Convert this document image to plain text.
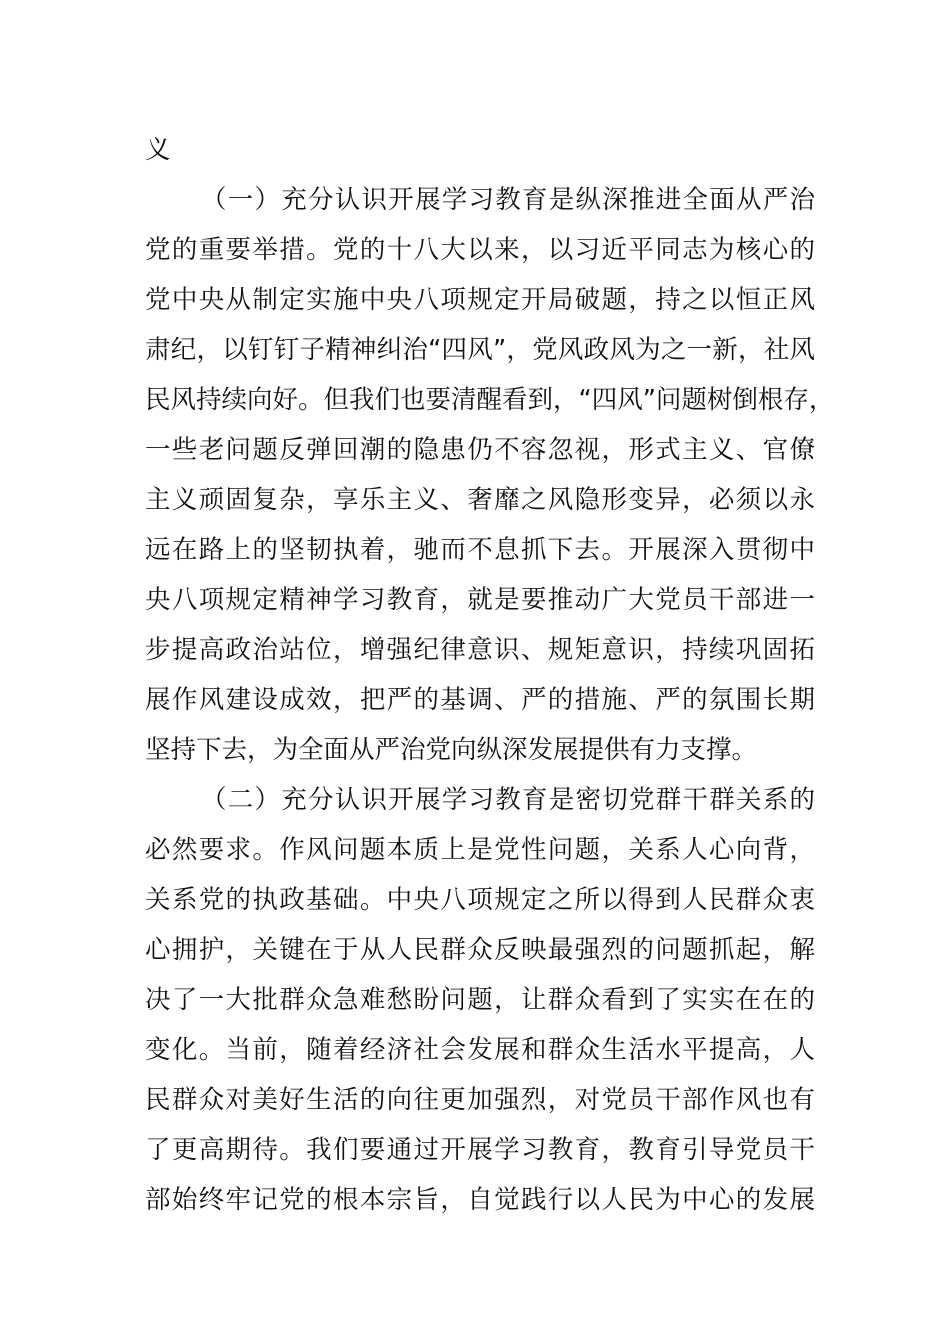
义
（一）充分认识开展学习教育是纵深推进全面从严治
党的重要举措。党的十八大以来，以习近平同志为核心的
党中央从制定实施中央八项规定开局破题，持之以恒正风
肃纪，以钉钉子精神纠治“四风”，党风政风为之一新，社风
民风持续向好。但我们也要清醒看到，“四风”问题树倒根存，
一些老问题反弹回潮的隐患仍不容忽视，形式主义、官僚
主义顽固复杂，享乐主义、奢靡之风隐形变异，必须以永
远在路上的坚韧执着，驰而不息抓下去。开展深入贯彻中
央八项规定精神学习教育，就是要推动广大党员干部进一
步提高政治站位，增强纪律意识、规矩意识，持续巩固拓
展作风建设成效，把严的基调、严的措施、严的氛围长期
坚持下去，为全面从严治党向纵深发展提供有力支撑。
（二）充分认识开展学习教育是密切党群干群关系的
必然要求。作风问题本质上是党性问题，关系人心向背，
关系党的执政基础。中央八项规定之所以得到人民群众衷
心拥护，关键在于从人民群众反映最强烈的问题抓起，解
决了一大批群众急难愁盼问题，让群众看到了实实在在的
变化。当前，随着经济社会发展和群众生活水平提高，人
民群众对美好生活的向往更加强烈，对党员干部作风也有
了更高期待。我们要通过开展学习教育，教育引导党员干
部始终牢记党的根本宗旨，自觉践行以人民为中心的发展
